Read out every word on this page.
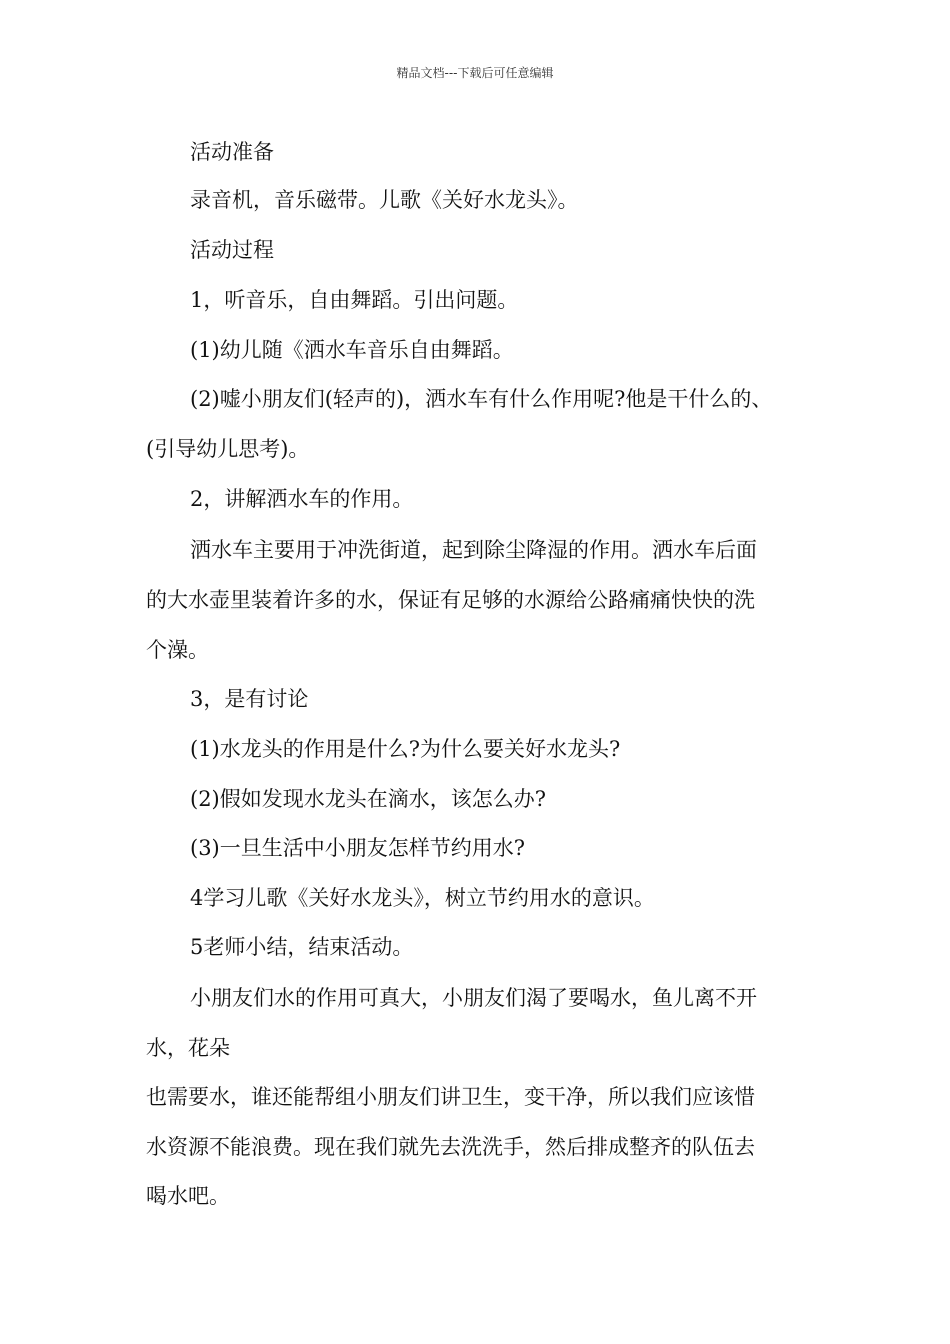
精品文档---下载后可任意编辑
活动准备
录音机，音乐磁带。儿歌《关好水龙头》。
活动过程
1，听音乐，自由舞蹈。引出问题。
(1)幼儿随《洒水车音乐自由舞蹈。
(2)嘘小朋友们(轻声的)，洒水车有什么作用呢?他是干什么的、
(引导幼儿思考)。
2，讲解洒水车的作用。
洒水车主要用于冲洗街道，起到除尘降湿的作用。洒水车后面
的大水壶里装着许多的水，保证有足够的水源给公路痛痛快快的洗
个澡。
3，是有讨论
(1)水龙头的作用是什么?为什么要关好水龙头?
(2)假如发现水龙头在滴水，该怎么办?
(3)一旦生活中小朋友怎样节约用水?
4学习儿歌《关好水龙头》，树立节约用水的意识。
5老师小结，结束活动。
小朋友们水的作用可真大，小朋友们渴了要喝水，鱼儿离不开
水，花朵
也需要水，谁还能帮组小朋友们讲卫生，变干净，所以我们应该惜
水资源不能浪费。现在我们就先去洗洗手，然后排成整齐的队伍去
喝水吧。
